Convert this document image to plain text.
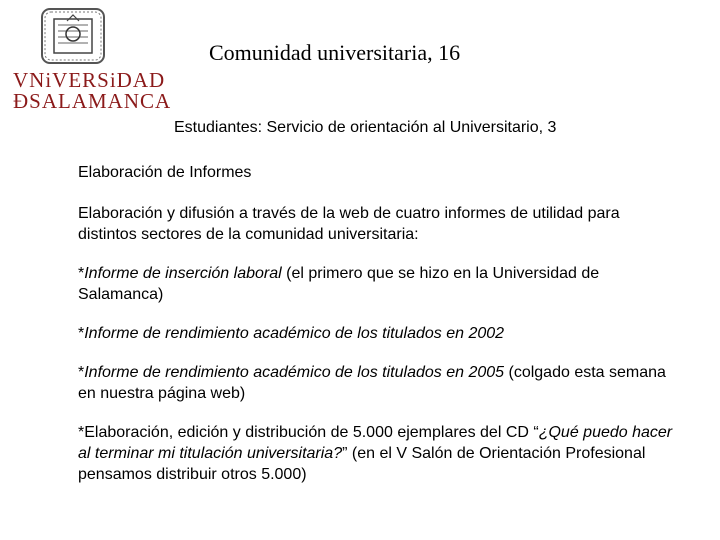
VNiVERSiDAD
ÐSALAMANCA
Comunidad universitaria, 16
Estudiantes: Servicio de orientación al Universitario, 3

Elaboración de Informes

Elaboración y difusión a través de la web de cuatro informes de utilidad para distintos sectores de la comunidad universitaria:

*Informe de inserción laboral (el primero que se hizo en la Universidad de Salamanca)

*Informe de rendimiento académico de los titulados en 2002

*Informe de rendimiento académico de los titulados en 2005 (colgado esta semana en nuestra página web)

*Elaboración, edición y distribución de 5.000 ejemplares del CD “¿Qué puedo hacer al terminar mi titulación universitaria?” (en el V Salón de Orientación Profesional pensamos distribuir otros 5.000)
